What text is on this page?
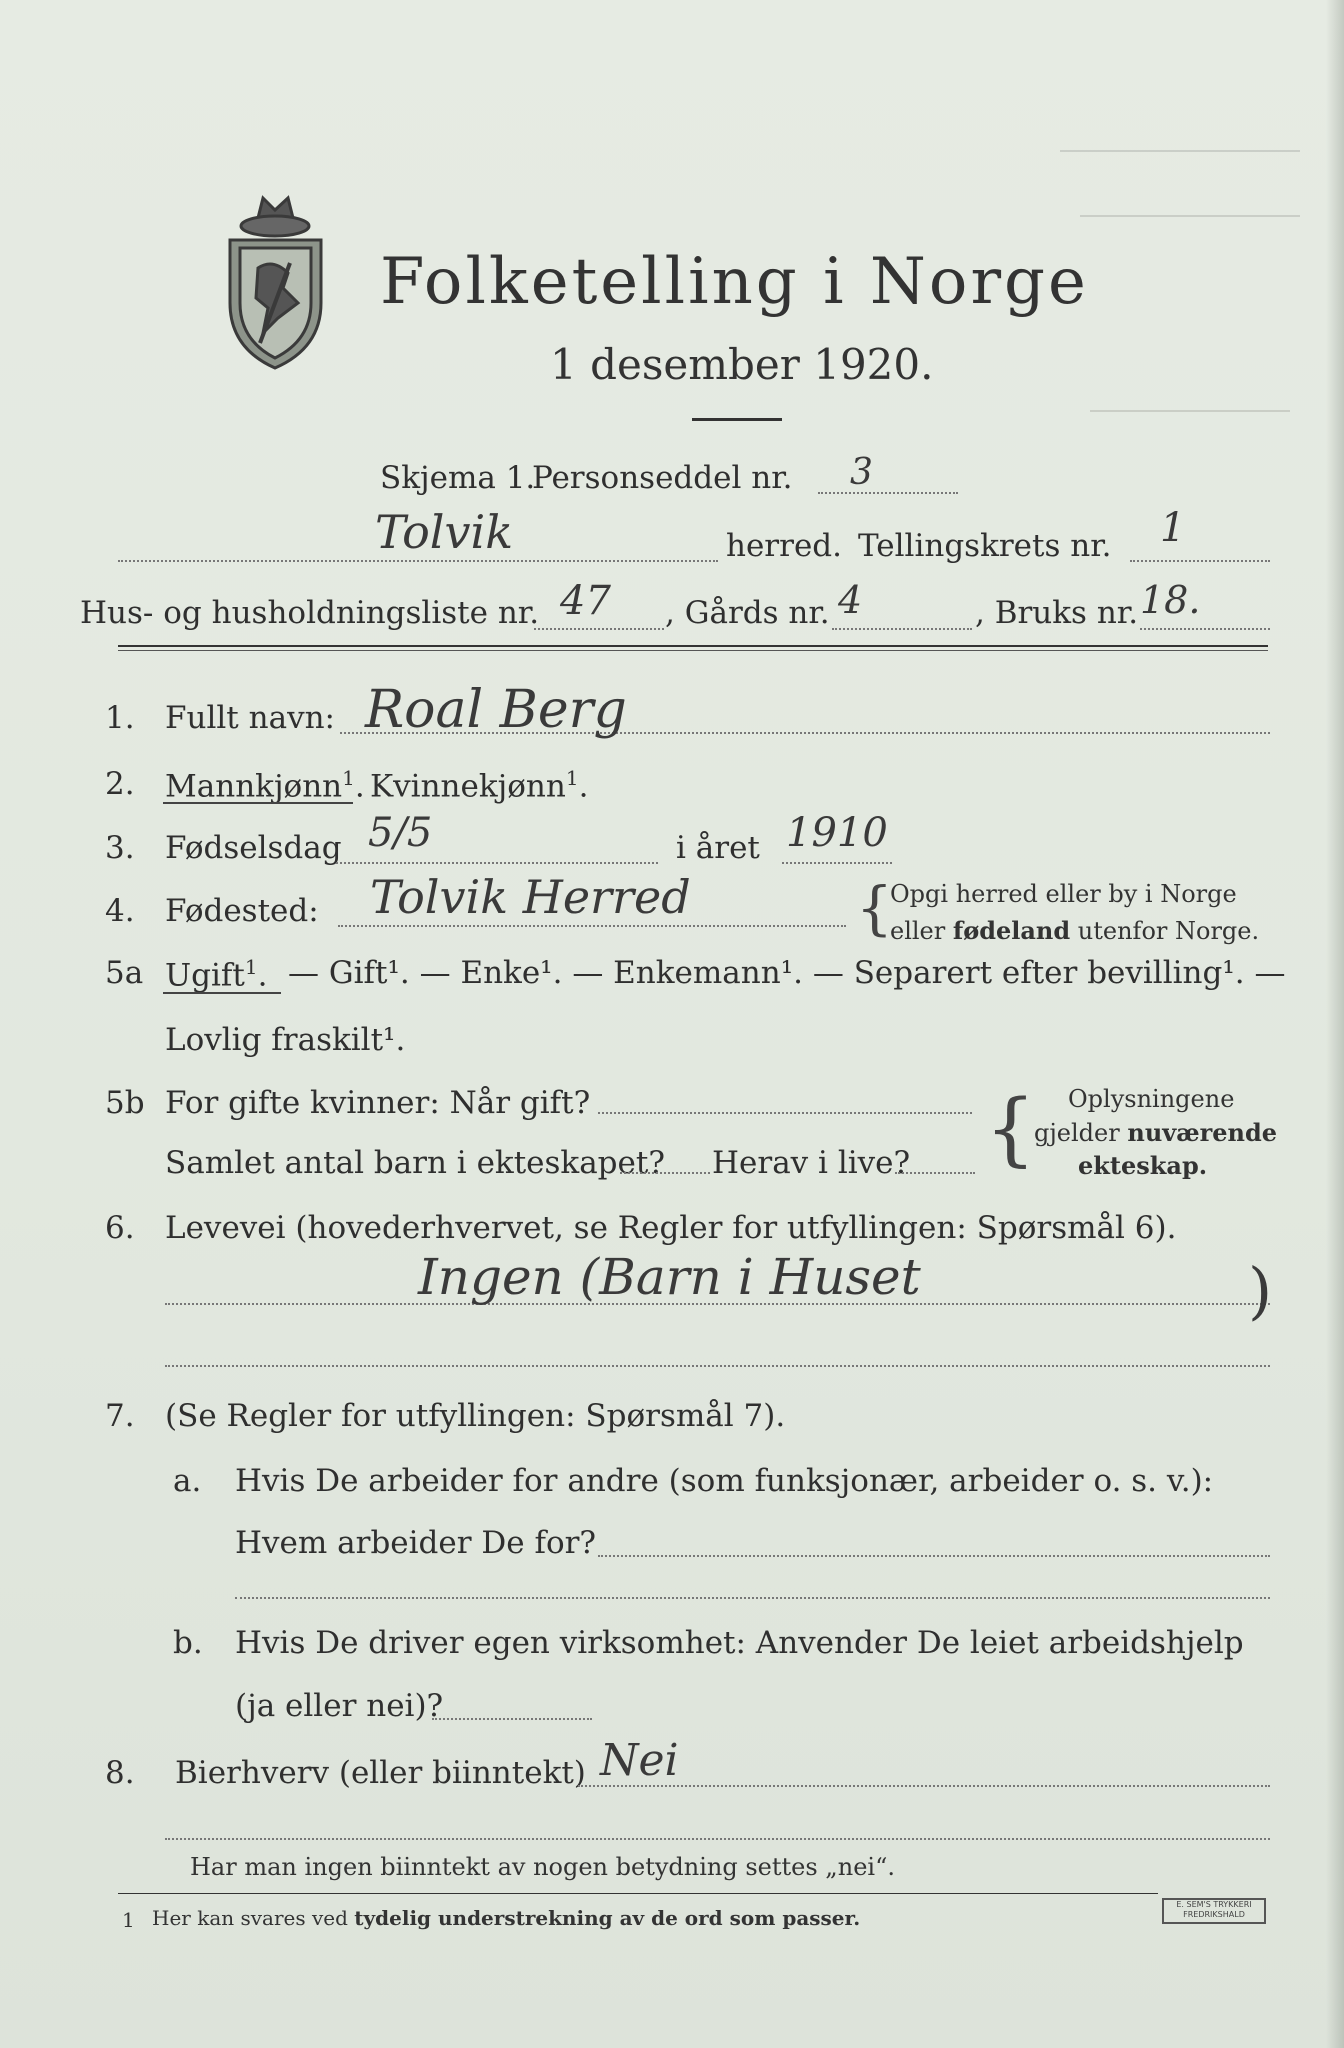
Folketelling i Norge
1 desember 1920.
Skjema 1.
Personseddel nr. 3
Tolvik	herred. Tellingskrets nr. 1
Hus- og husholdningsliste nr. 47 , Gårds nr. 4	, Bruks nr. 18.
1. Fullt navn: Roal Berg
2. Mannkjønn$^1$. Kvinnekjønn$^1$.
3. Fødselsdag 5/5	i året 1910
4. Fødested: Tolvik Herred	{
Opgi herred eller by i Norge
eller fødeland utenfor Norge.
5a Ugift$^1$. — Gift¹. — Enke¹. — Enkemann¹. — Separert efter bevilling¹. —
Lovlig fraskilt¹.
5b For gifte kvinner: Når gift?
Samlet antal barn i ekteskapet? Herav i live? { Oplysningene
gjelder nuværende
ekteskap.
6. Levevei (hovederhvervet, se Regler for utfyllingen: Spørsmål 6).
Ingen (Barn i Huset	)
7. (Se Regler for utfyllingen: Spørsmål 7).
a. Hvis De arbeider for andre (som funksjonær, arbeider o. s. v.):
Hvem arbeider De for?
b. Hvis De driver egen virksomhet: Anvender De leiet arbeidshjelp
(ja eller nei)?
8. Bierhverv (eller biinntekt) Nei
Har man ingen biinntekt av nogen betydning settes „nei“.
1 Her kan svares ved tydelig understrekning av de ord som passer.
E. SEM'S TRYKKERI FREDRIKSHALD
